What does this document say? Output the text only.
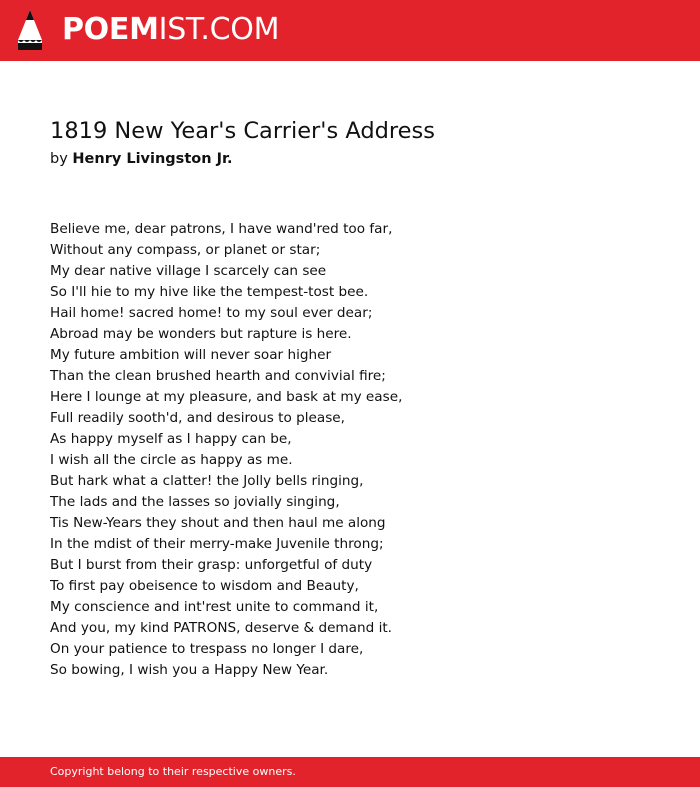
POEMIST.COM
1819 New Year's Carrier's Address
by Henry Livingston Jr.
Believe me, dear patrons, I have wand'red too far,
Without any compass, or planet or star;
My dear native village I scarcely can see
So I'll hie to my hive like the tempest-tost bee.
Hail home! sacred home! to my soul ever dear;
Abroad may be wonders but rapture is here.
My future ambition will never soar higher
Than the clean brushed hearth and convivial fire;
Here I lounge at my pleasure, and bask at my ease,
Full readily sooth'd, and desirous to please,
As happy myself as I happy can be,
I wish all the circle as happy as me.
But hark what a clatter! the Jolly bells ringing,
The lads and the lasses so jovially singing,
Tis New-Years they shout and then haul me along
In the mdist of their merry-make Juvenile throng;
But I burst from their grasp: unforgetful of duty
To first pay obeisence to wisdom and Beauty,
My conscience and int'rest unite to command it,
And you, my kind PATRONS, deserve & demand it.
On your patience to trespass no longer I dare,
So bowing, I wish you a Happy New Year.
Copyright belong to their respective owners.
